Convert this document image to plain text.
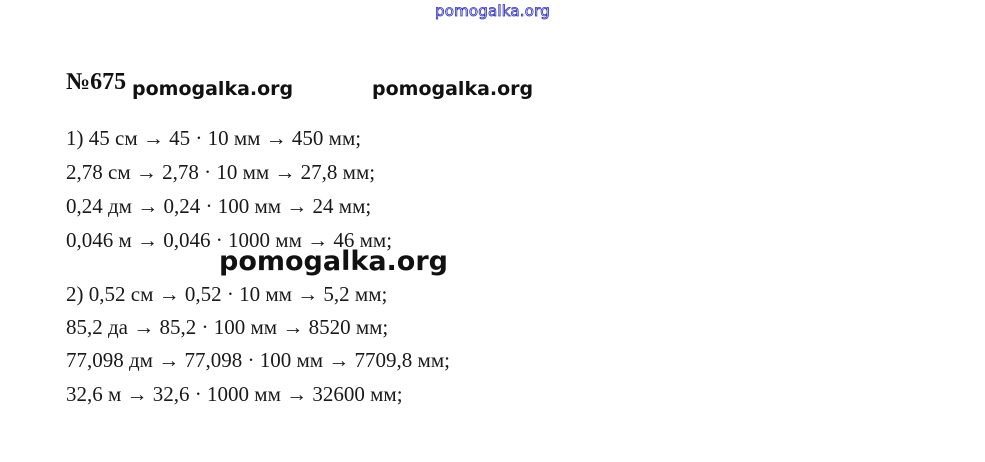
pomogalka.org
№675 pomogalka.org	pomogalka.org
1) 45 см → 45 · 10 мм → 450 мм;
2,78 см → 2,78 · 10 мм → 27,8 мм;
0,24 дм → 0,24 · 100 мм → 24 мм;
0,046 м → 0,046 · 1000 мм → 46 мм;
pomogalka.org
2) 0,52 см → 0,52 · 10 мм → 5,2 мм;
85,2 да → 85,2 · 100 мм → 8520 мм;
77,098 дм → 77,098 · 100 мм → 7709,8 мм;
32,6 м → 32,6 · 1000 мм → 32600 мм;
